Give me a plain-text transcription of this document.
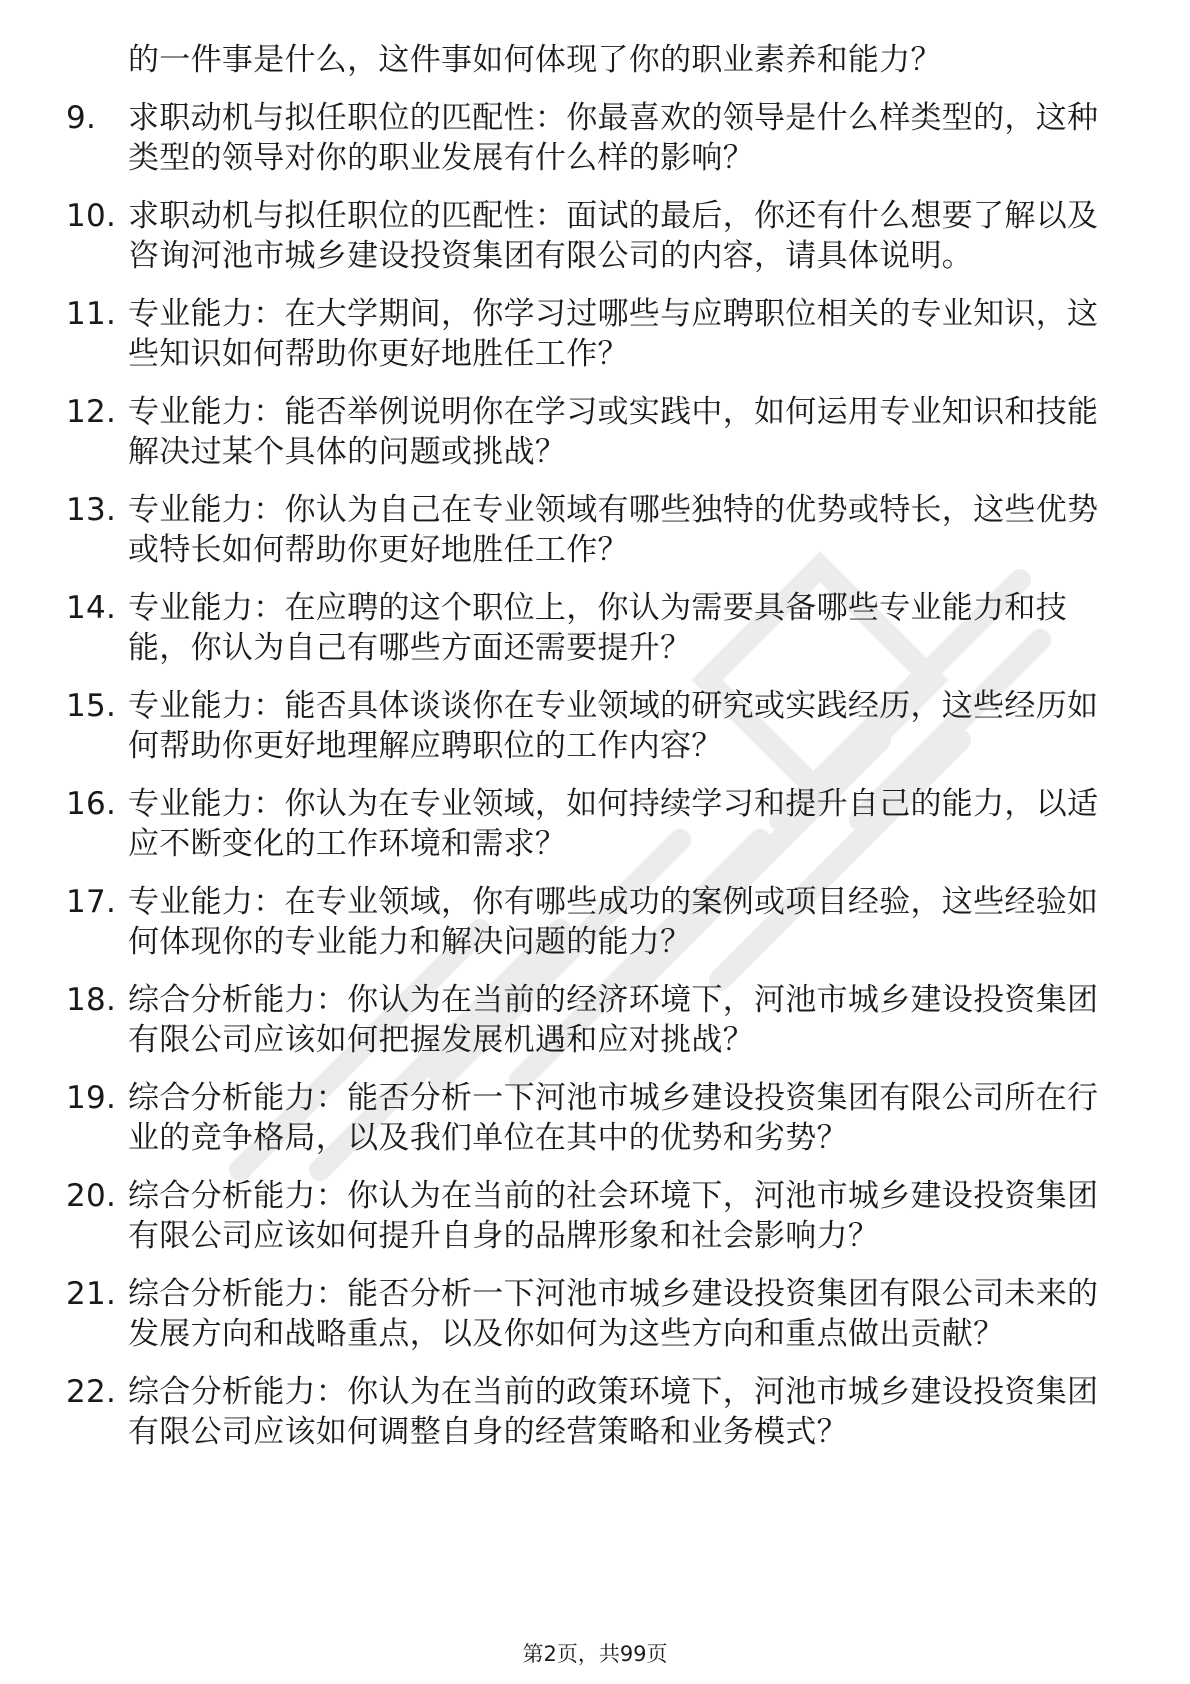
的一件事是什么，这件事如何体现了你的职业素养和能力？
9.	求职动机与拟任职位的匹配性：你最喜欢的领导是什么样类型的，这种类型的领导对你的职业发展有什么样的影响？
10. 求职动机与拟任职位的匹配性：面试的最后，你还有什么想要了解以及咨询河池市城乡建设投资集团有限公司的内容，请具体说明。
11. 专业能力：在大学期间，你学习过哪些与应聘职位相关的专业知识，这些知识如何帮助你更好地胜任工作？
12. 专业能力：能否举例说明你在学习或实践中，如何运用专业知识和技能解决过某个具体的问题或挑战？
13. 专业能力：你认为自己在专业领域有哪些独特的优势或特长，这些优势或特长如何帮助你更好地胜任工作？
14. 专业能力：在应聘的这个职位上，你认为需要具备哪些专业能力和技能，你认为自己有哪些方面还需要提升？
15. 专业能力：能否具体谈谈你在专业领域的研究或实践经历，这些经历如何帮助你更好地理解应聘职位的工作内容？
16. 专业能力：你认为在专业领域，如何持续学习和提升自己的能力，以适应不断变化的工作环境和需求？
17. 专业能力：在专业领域，你有哪些成功的案例或项目经验，这些经验如何体现你的专业能力和解决问题的能力？
18. 综合分析能力：你认为在当前的经济环境下，河池市城乡建设投资集团有限公司应该如何把握发展机遇和应对挑战？
19. 综合分析能力：能否分析一下河池市城乡建设投资集团有限公司所在行业的竞争格局，以及我们单位在其中的优势和劣势？
20. 综合分析能力：你认为在当前的社会环境下，河池市城乡建设投资集团有限公司应该如何提升自身的品牌形象和社会影响力？
21. 综合分析能力：能否分析一下河池市城乡建设投资集团有限公司未来的发展方向和战略重点，以及你如何为这些方向和重点做出贡献？
22. 综合分析能力：你认为在当前的政策环境下，河池市城乡建设投资集团有限公司应该如何调整自身的经营策略和业务模式？
第2页，共99页
